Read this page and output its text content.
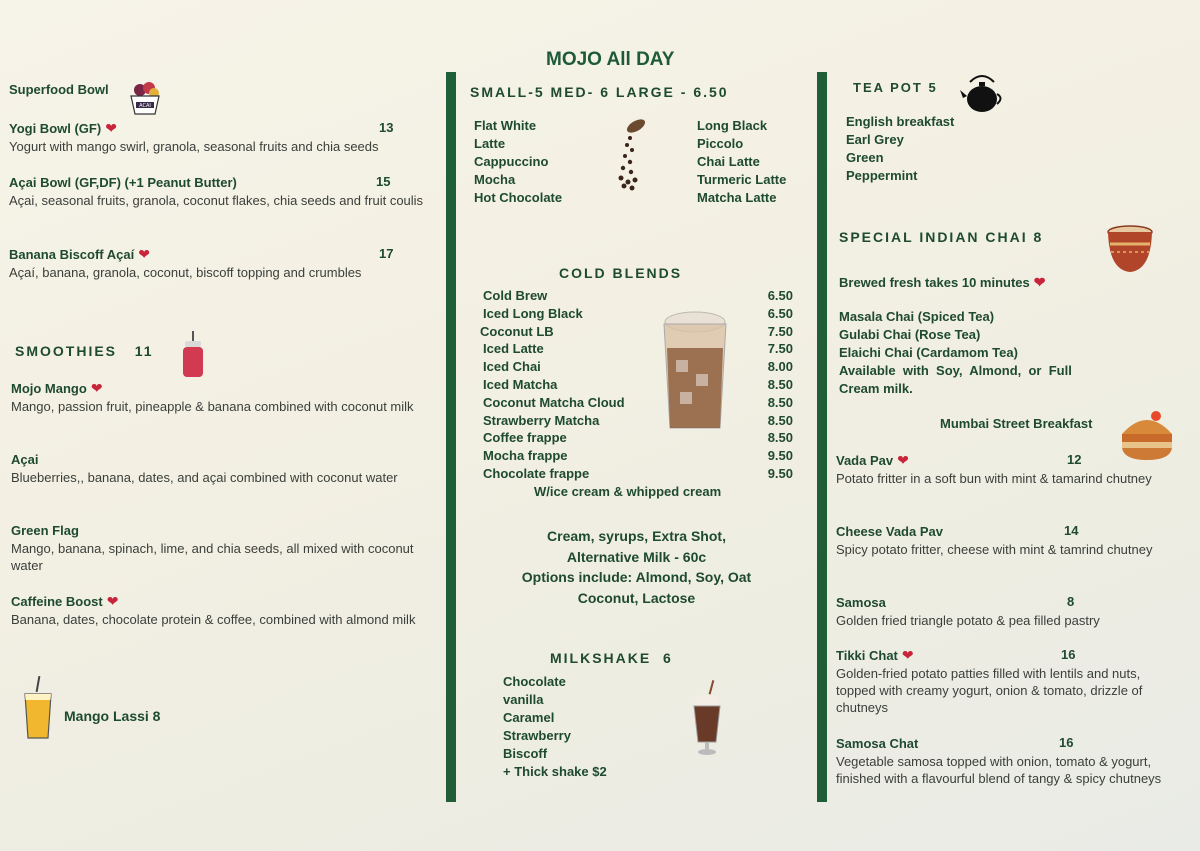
MOJO All DAY
Superfood Bowl
ACAI
Yogi Bowl (GF) ❤	13
Yogurt with mango swirl, granola, seasonal fruits and chia seeds
Açai Bowl (GF,DF) (+1 Peanut Butter)	15
Açai, seasonal fruits, granola, coconut flakes, chia seeds and fruit coulis
Banana Biscoff Açaí ❤	17
Açaí, banana, granola, coconut, biscoff topping and crumbles
SMOOTHIES 11
Mojo Mango ❤
Mango, passion fruit, pineapple & banana combined with coconut milk
Açai
Blueberries,, banana, dates, and açai combined with coconut water
Green Flag
Mango, banana, spinach, lime, and chia seeds, all mixed with coconut water
Caffeine Boost ❤
Banana, dates, chocolate protein & coffee, combined with almond milk
Mango Lassi 8
SMALL-5 MED- 6 LARGE - 6.50
Flat White
Latte
Cappuccino
Mocha
Hot Chocolate
Long Black
Piccolo
Chai Latte
Turmeric Latte
Matcha Latte
COLD BLENDS
Cold Brew	6.50
Iced Long Black	6.50
Coconut LB	7.50
Iced Latte	7.50
Iced Chai	8.00
Iced Matcha	8.50
Coconut Matcha Cloud	8.50
Strawberry Matcha	8.50
Coffee frappe	8.50
Mocha frappe	9.50
Chocolate frappe	9.50
W/ice cream & whipped cream
Cream, syrups, Extra Shot,
Alternative Milk - 60c
Options include: Almond, Soy, Oat
Coconut, Lactose
MILKSHAKE 6
Chocolate
vanilla
Caramel
Strawberry
Biscoff
+ Thick shake $2
TEA POT 5
English breakfast
Earl Grey
Green
Peppermint
SPECIAL INDIAN CHAI 8
Brewed fresh takes 10 minutes ❤
Masala Chai (Spiced Tea)
Gulabi Chai (Rose Tea)
Elaichi Chai (Cardamom Tea)
Available  with  Soy,  Almond,  or  Full
Cream milk.
Mumbai Street Breakfast
Vada Pav ❤	12
Potato fritter in a soft bun with mint & tamarind chutney
Cheese Vada Pav	14
Spicy potato fritter, cheese with mint & tamrind chutney
Samosa	8
Golden fried triangle potato & pea filled pastry
Tikki Chat ❤	16
Golden-fried potato patties filled with lentils and nuts, topped with creamy yogurt, onion & tomato, drizzle of chutneys
Samosa Chat	16
Vegetable samosa topped with onion, tomato & yogurt, finished with a flavourful blend of tangy & spicy chutneys
